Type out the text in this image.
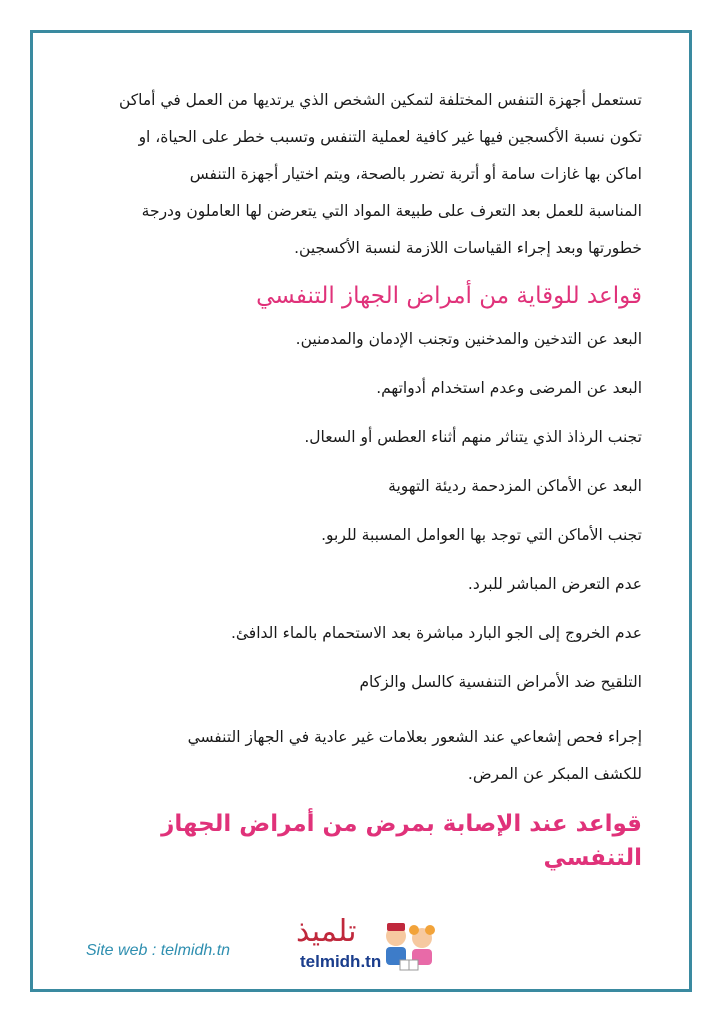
تستعمل أجهزة التنفس المختلفة لتمكين الشخص الذي يرتديها من العمل في أماكن

تكون نسبة الأكسجين فيها غير كافية لعملية التنفس وتسبب خطر على الحياة، او

اماكن بها غازات سامة أو أتربة تضرر بالصحة، ويتم اختيار أجهزة التنفس

المناسبة للعمل بعد التعرف على طبيعة المواد التي يتعرضن لها العاملون ودرجة

خطورتها وبعد إجراء القياسات اللازمة لنسبة الأكسجين.

قواعد للوقاية من أمراض الجهاز التنفسي
البعد عن التدخين والمدخنين وتجنب الإدمان والمدمنين.
البعد عن المرضى وعدم استخدام أدواتهم.
تجنب الرذاذ الذي يتناثر منهم أثناء العطس أو السعال.
البعد عن الأماكن المزدحمة رديئة التهوية
تجنب الأماكن التي توجد بها العوامل المسببة للربو.
عدم التعرض المباشر للبرد.
عدم الخروج إلى الجو البارد مباشرة بعد الاستحمام بالماء الدافئ.
التلقيح ضد الأمراض التنفسية كالسل والزكام
إجراء فحص إشعاعي عند الشعور بعلامات غير عادية في الجهاز التنفسي
للكشف المبكر عن المرض.
قواعد عند الإصابة بمرض من أمراض الجهاز التنفسي
Site web : telmidh.tn
تلميذ
telmidh.tn
